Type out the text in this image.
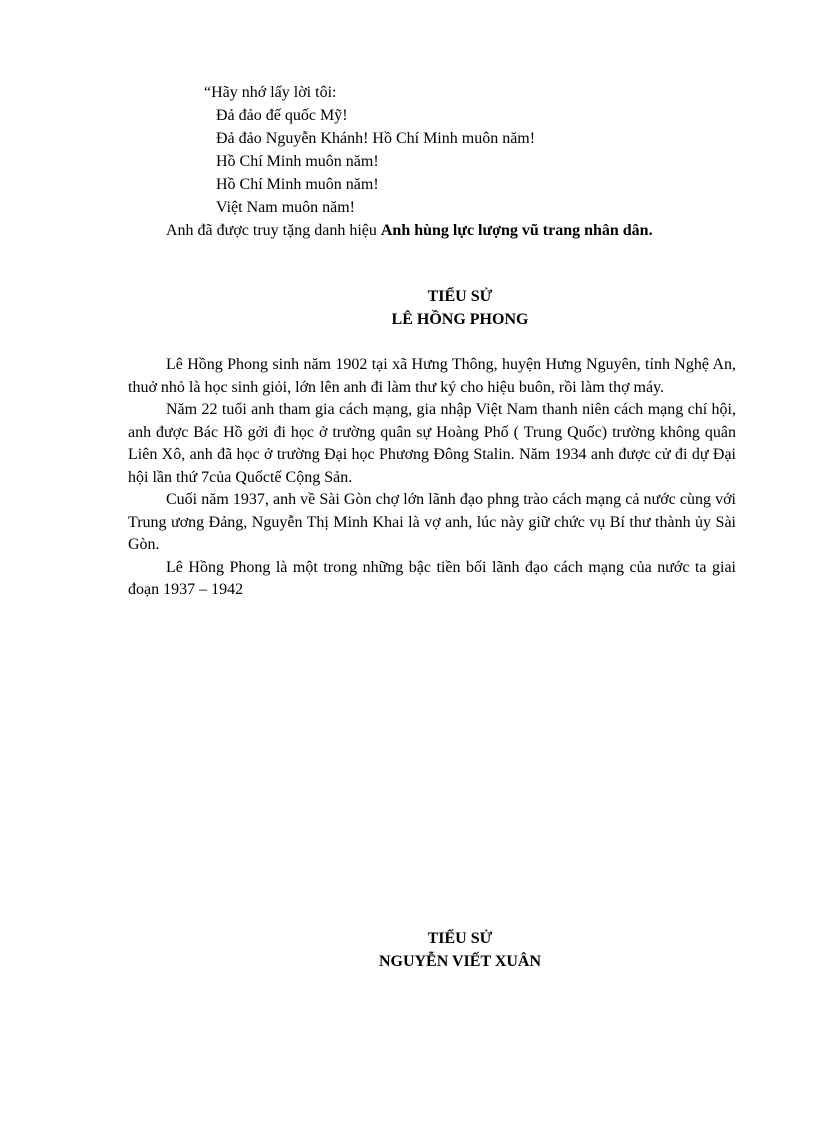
“Hãy nhớ lấy lời tôi:
Đả đảo đế quốc Mỹ!
Đả đảo Nguyễn Khánh! Hồ Chí Minh muôn năm!
Hồ Chí Minh muôn năm!
Hồ Chí Minh muôn năm!
Việt Nam muôn năm!
Anh đã được truy tặng danh hiệu Anh hùng lực lượng vũ trang nhân dân.
TIỂU SỬ
LÊ HỒNG PHONG

Lê Hồng Phong sinh năm 1902 tại xã Hưng Thông, huyện Hưng Nguyên, tỉnh Nghệ An, thuở nhỏ là học sinh giỏi, lớn lên anh đi làm thư ký cho hiệu buôn, rồi làm thợ máy.

Năm 22 tuổi anh tham gia cách mạng, gia nhập Việt Nam thanh niên cách mạng chí hội, anh được Bác Hồ gởi đi học ở trường quân sự Hoàng Phố ( Trung Quốc) trường không quân Liên Xô, anh đã học ở trường Đại học Phương Đông Stalin. Năm 1934 anh được cử đi dự Đại hội lần thứ 7của Quốctế Cộng Sản.

Cuối năm 1937, anh về Sài Gòn chợ lớn lãnh đạo phng trào cách mạng cả nước cùng với Trung ương Đảng, Nguyễn Thị Minh Khai là vợ anh, lúc này giữ chức vụ Bí thư thành ủy Sài Gòn.

Lê Hồng Phong là một trong những bậc tiền bối lãnh đạo cách mạng của nước ta giai đoạn 1937 – 1942

TIỂU SỬ
NGUYỄN VIẾT XUÂN
